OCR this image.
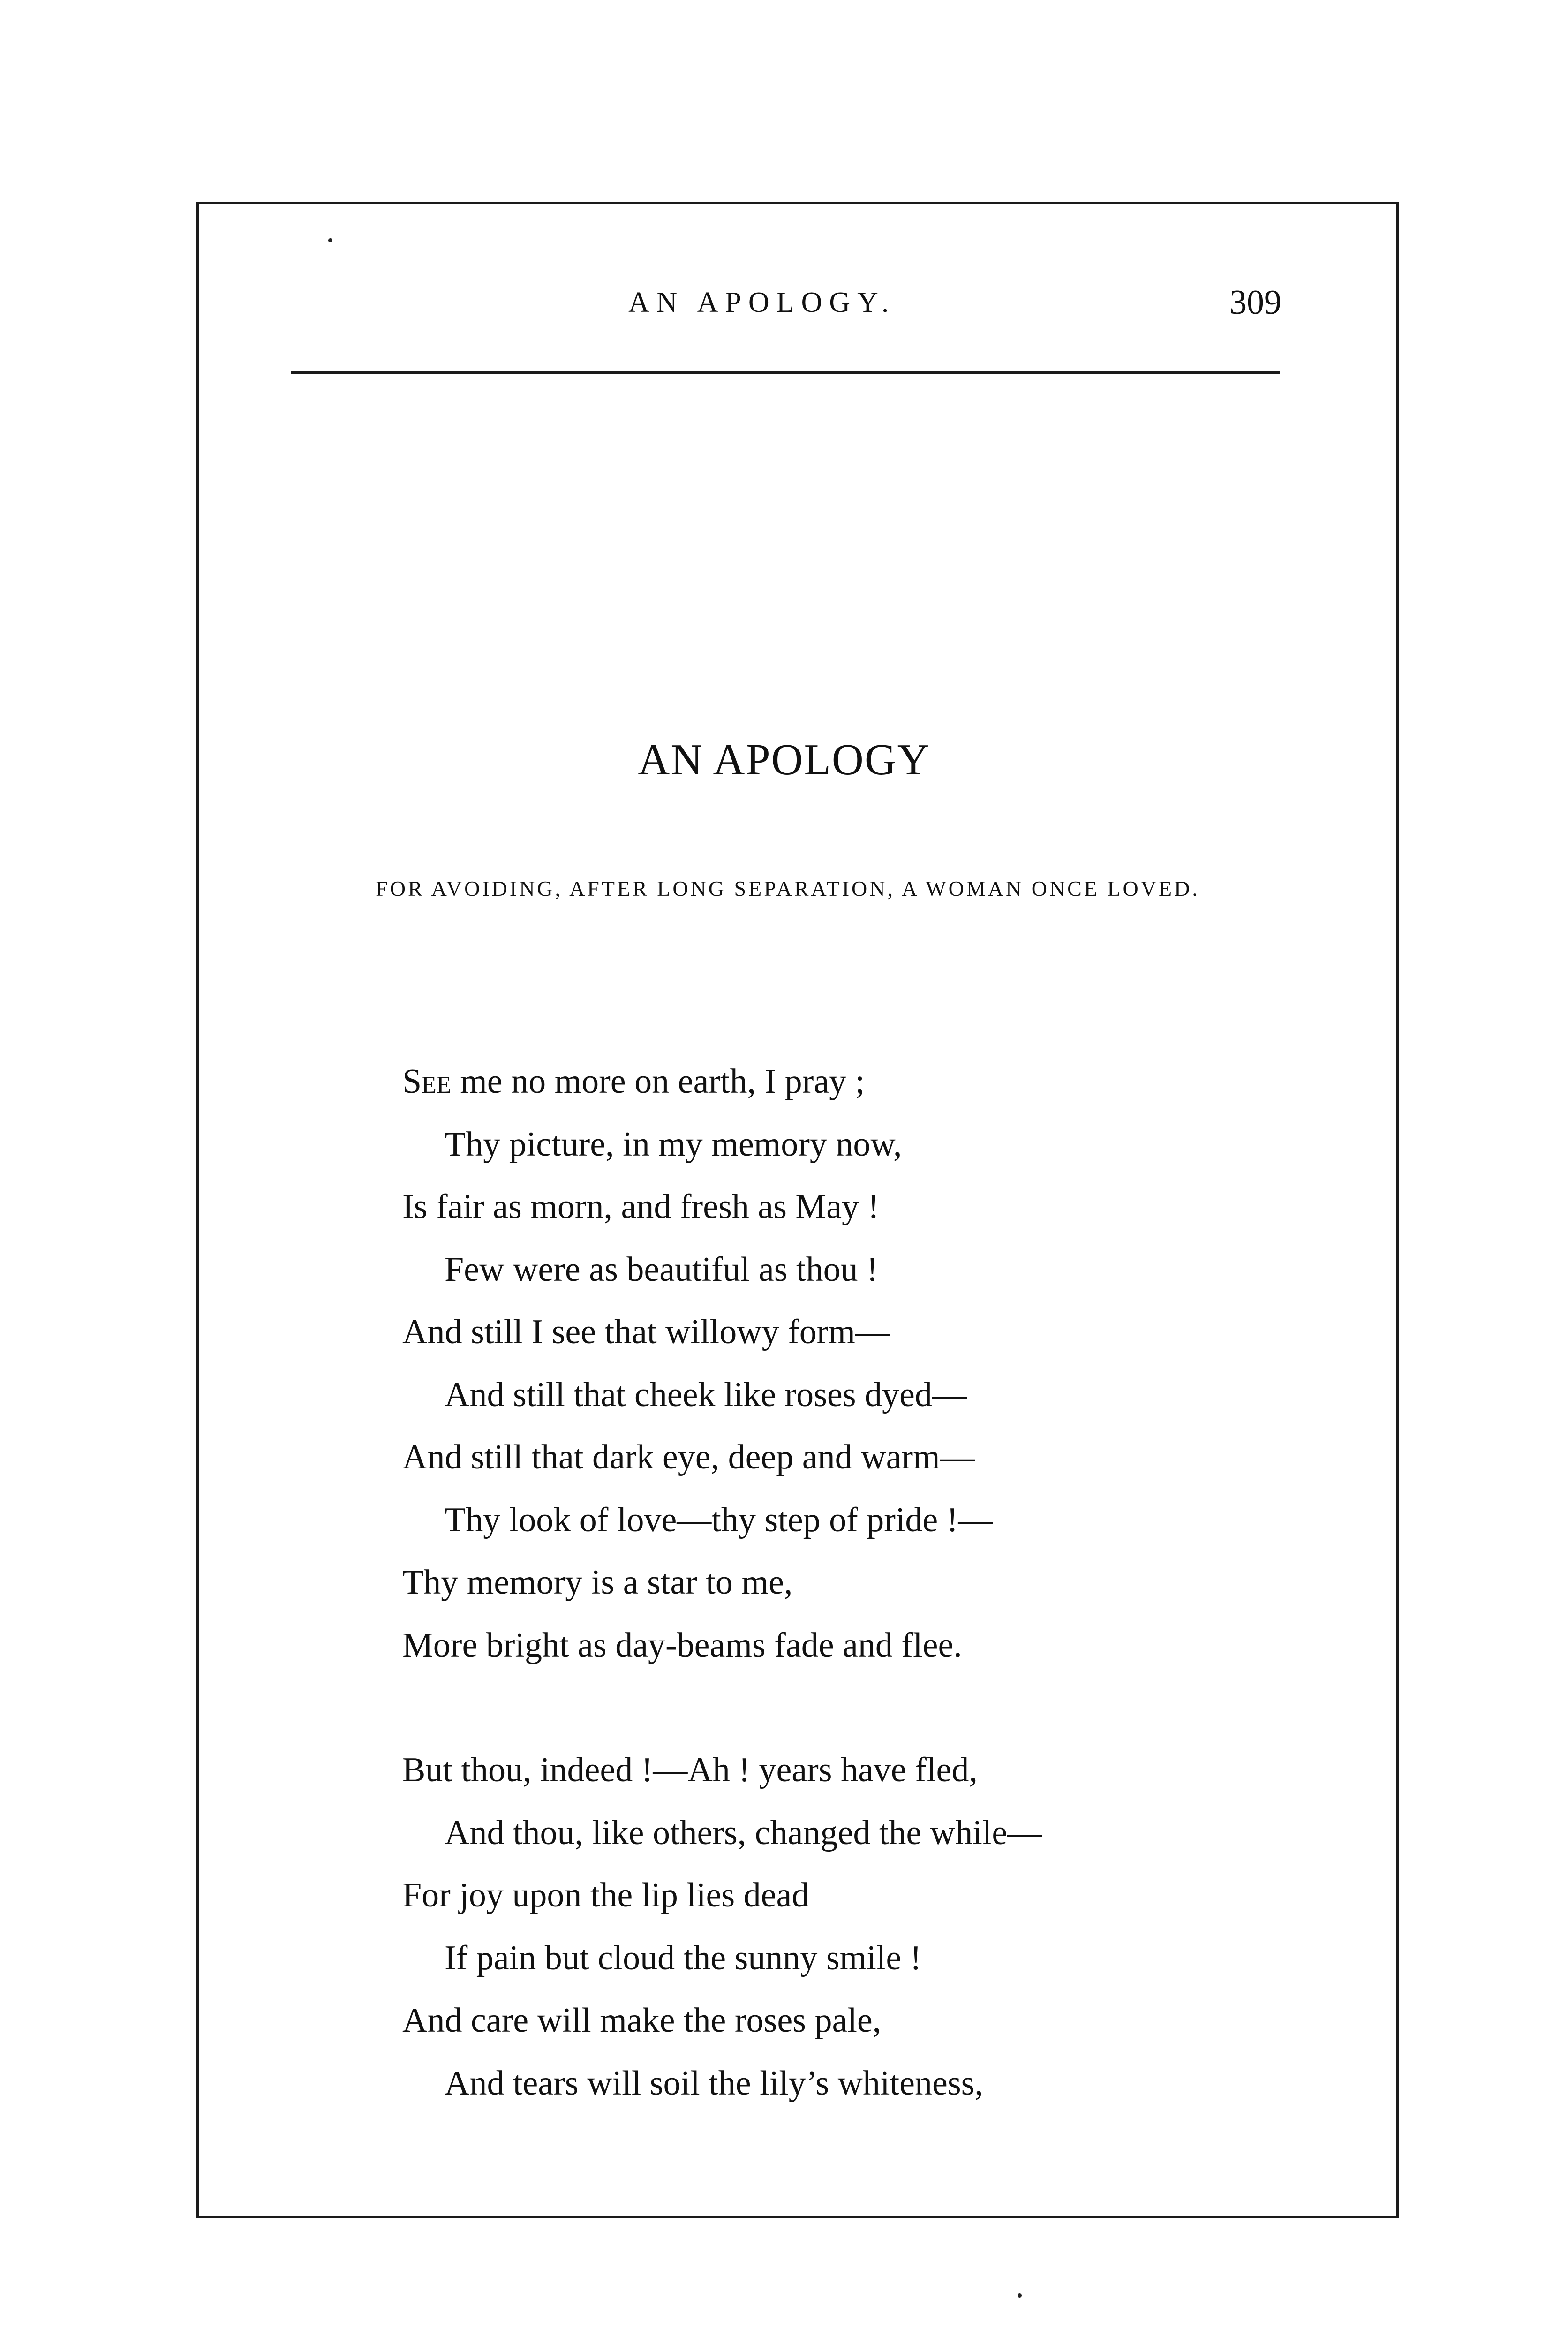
AN APOLOGY.	309
AN APOLOGY
FOR AVOIDING, AFTER LONG SEPARATION, A WOMAN ONCE LOVED.
See me no more on earth, I pray ;
Thy picture, in my memory now,
Is fair as morn, and fresh as May !
Few were as beautiful as thou !
And still I see that willowy form—
And still that cheek like roses dyed—
And still that dark eye, deep and warm—
Thy look of love—thy step of pride !—
Thy memory is a star to me,
More bright as day-beams fade and flee.
But thou, indeed !—Ah ! years have fled,
And thou, like others, changed the while—
For joy upon the lip lies dead
If pain but cloud the sunny smile !
And care will make the roses pale,
And tears will soil the lily’s whiteness,
